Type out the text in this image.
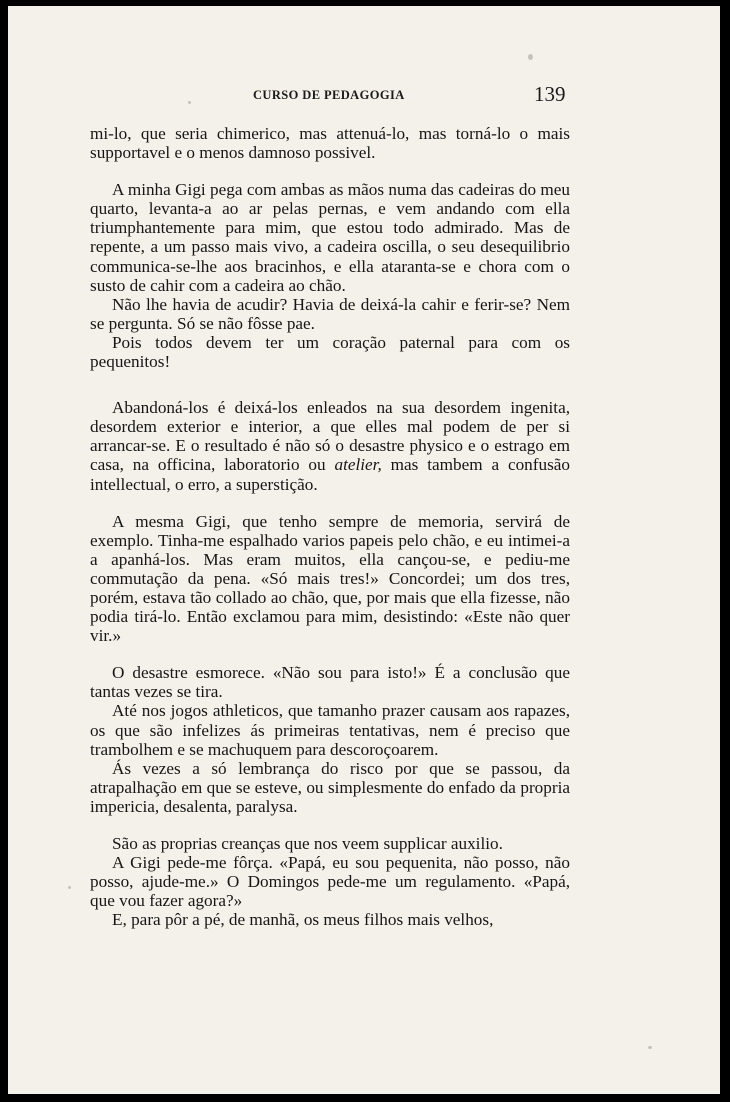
CURSO DE PEDAGOGIA	139

mi-lo, que seria chimerico, mas attenuá-lo, mas torná-lo o mais supportavel e o menos damnoso possivel.

A minha Gigi pega com ambas as mãos numa das cadeiras do meu quarto, levanta-a ao ar pelas pernas, e vem andando com ella triumphantemente para mim, que estou todo admirado. Mas de repente, a um passo mais vivo, a cadeira oscilla, o seu desequilibrio communica-se-lhe aos bracinhos, e ella ataranta-se e chora com o susto de cahir com a cadeira ao chão.

Não lhe havia de acudir? Havia de deixá-la cahir e ferir-se? Nem se pergunta. Só se não fôsse pae.

Pois todos devem ter um coração paternal para com os pequenitos!

Abandoná-los é deixá-los enleados na sua desordem ingenita, desordem exterior e interior, a que elles mal podem de per si arrancar-se. E o resultado é não só o desastre physico e o estrago em casa, na officina, laboratorio ou atelier, mas tambem a confusão intellectual, o erro, a superstição.

A mesma Gigi, que tenho sempre de memoria, servirá de exemplo. Tinha-me espalhado varios papeis pelo chão, e eu intimei-a a apanhá-los. Mas eram muitos, ella cançou-se, e pediu-me commutação da pena. «Só mais tres!» Concordei; um dos tres, porém, estava tão collado ao chão, que, por mais que ella fizesse, não podia tirá-lo. Então exclamou para mim, desistindo: «Este não quer vir.»

O desastre esmorece. «Não sou para isto!» É a conclusão que tantas vezes se tira.

Até nos jogos athleticos, que tamanho prazer causam aos rapazes, os que são infelizes ás primeiras tentativas, nem é preciso que trambolhem e se machuquem para descoroçoarem.

Ás vezes a só lembrança do risco por que se passou, da atrapalhação em que se esteve, ou simplesmente do enfado da propria impericia, desalenta, paralysa.

São as proprias creanças que nos veem supplicar auxilio.

A Gigi pede-me fôrça. «Papá, eu sou pequenita, não posso, não posso, ajude-me.» O Domingos pede-me um regulamento. «Papá, que vou fazer agora?»

E, para pôr a pé, de manhã, os meus filhos mais velhos,
